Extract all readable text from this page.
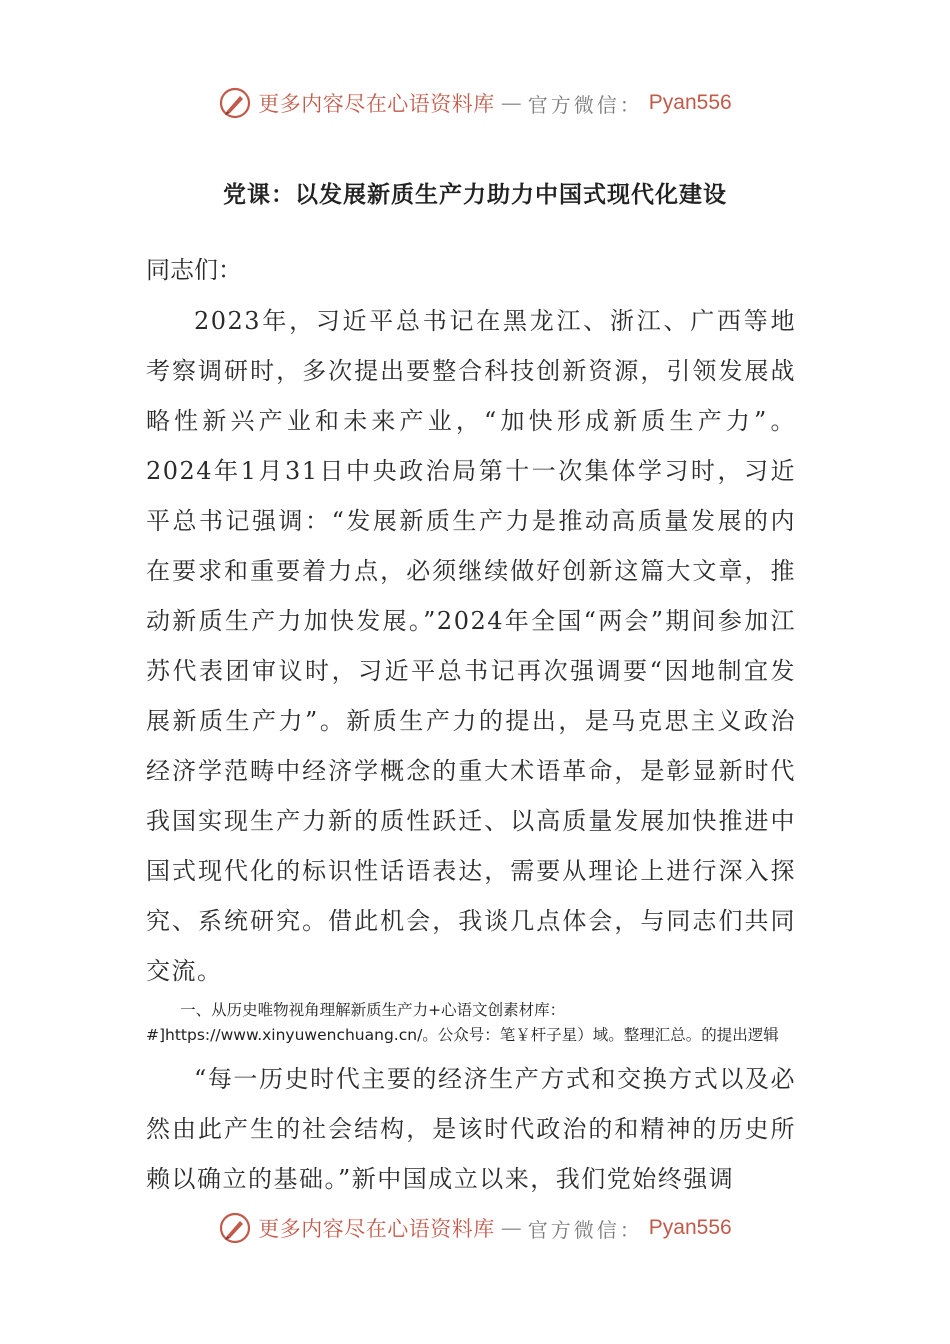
更多内容尽在心语资料库 — 官方微信： Pyan556
党课：以发展新质生产力助力中国式现代化建设

同志们：

2023年，习近平总书记在黑龙江、浙江、广西等地考察调研时，多次提出要整合科技创新资源，引领发展战略性新兴产业和未来产业，“加快形成新质生产力”。2024年1月31日中央政治局第十一次集体学习时，习近平总书记强调：“发展新质生产力是推动高质量发展的内在要求和重要着力点，必须继续做好创新这篇大文章，推动新质生产力加快发展。”2024年全国“两会”期间参加江苏代表团审议时，习近平总书记再次强调要“因地制宜发展新质生产力”。新质生产力的提出，是马克思主义政治经济学范畴中经济学概念的重大术语革命，是彰显新时代我国实现生产力新的质性跃迁、以高质量发展加快推进中国式现代化的标识性话语表达，需要从理论上进行深入探究、系统研究。借此机会，我谈几点体会，与同志们共同交流。

一、从历史唯物视角理解新质生产力+心语文创素材库：#]https://www.xinyuwenchuang.cn/。公众号：笔￥杆子星）域。整理汇总。的提出逻辑

“每一历史时代主要的经济生产方式和交换方式以及必然由此产生的社会结构，是该时代政治的和精神的历史所赖以确立的基础。”新中国成立以来，我们党始终强调

更多内容尽在心语资料库 — 官方微信： Pyan556
